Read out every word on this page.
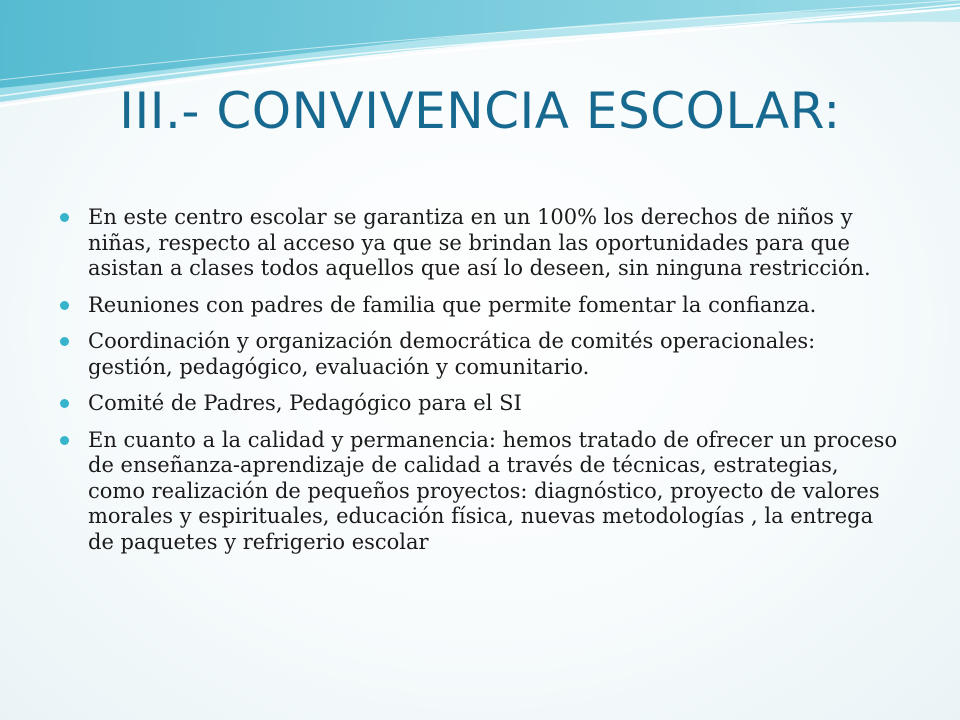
III.- CONVIVENCIA ESCOLAR:
En este centro escolar se garantiza en un 100% los derechos de niños y niñas, respecto al acceso ya que se brindan las oportunidades para que asistan a clases todos aquellos que así lo deseen, sin ninguna restricción.
Reuniones con padres de familia que permite fomentar la confianza.
Coordinación y organización democrática de comités operacionales: gestión, pedagógico, evaluación y comunitario.
Comité de Padres, Pedagógico para el SI
En cuanto a la calidad y permanencia: hemos tratado de ofrecer un proceso de enseñanza-aprendizaje de calidad a través de técnicas, estrategias, como realización de pequeños proyectos: diagnóstico, proyecto de valores morales y espirituales, educación física, nuevas metodologías , la entrega de paquetes y refrigerio escolar
